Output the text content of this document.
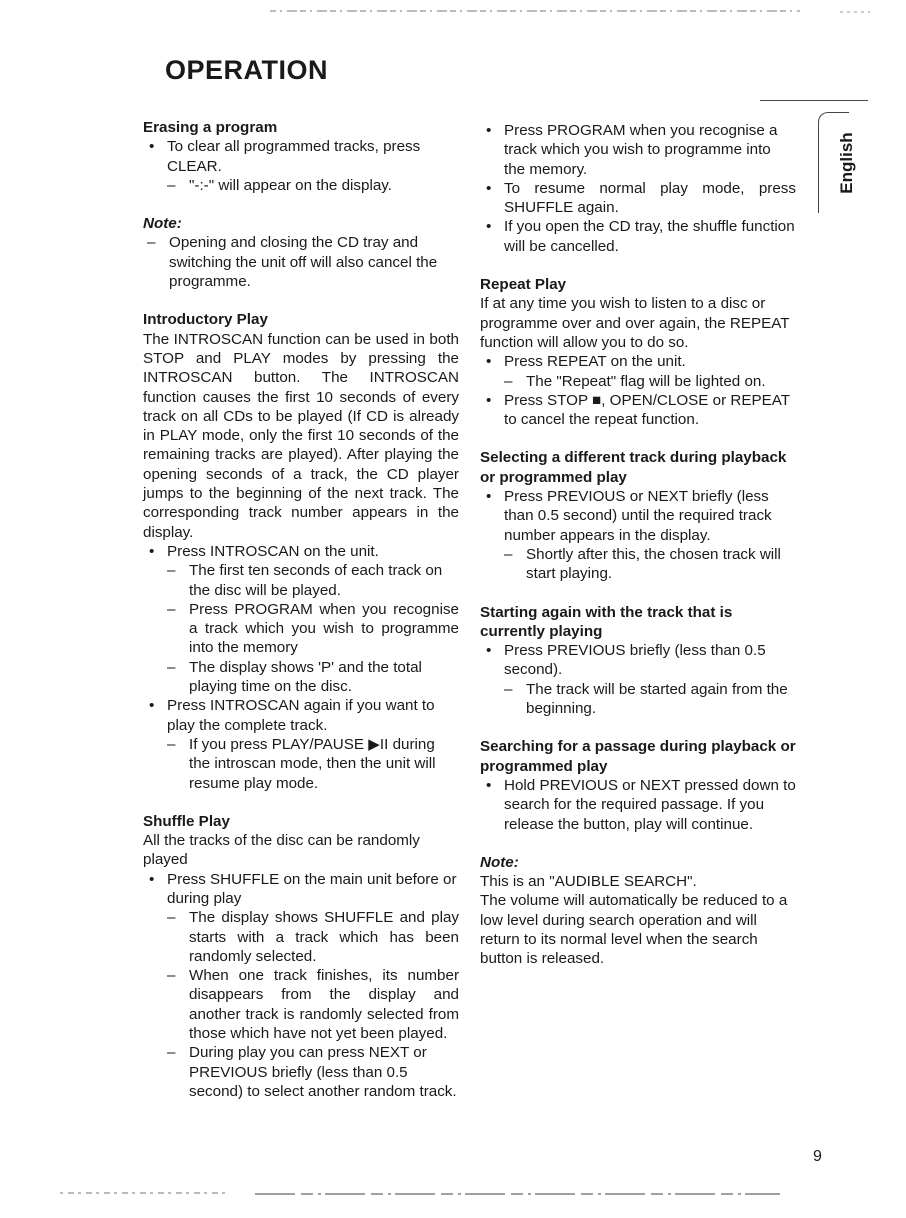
OPERATION
English

Erasing a program

• To clear all programmed tracks, press CLEAR.

– "-:-" will appear on the display.

Note:

– Opening and closing the CD tray and switching the unit off will also cancel the programme.

Introductory Play

The INTROSCAN function can be used in both STOP and PLAY modes by pressing the INTROSCAN button. The INTROSCAN function causes the first 10 seconds of every track on all CDs to be played (If CD is already in PLAY mode, only the first 10 seconds of the remaining tracks are played). After playing the opening seconds of a track, the CD player jumps to the beginning of the next track. The corresponding track number appears in the display.

• Press INTROSCAN on the unit.

– The first ten seconds of each track on the disc will be played.

– Press PROGRAM when you recognise a track which you wish to programme into the memory

– The display shows 'P' and the total playing time on the disc.

• Press INTROSCAN again if you want to play the complete track.

– If you press PLAY/PAUSE ▶II during the introscan mode, then the unit will resume play mode.

Shuffle Play

All the tracks of the disc can be randomly played

• Press SHUFFLE on the main unit before or during play

– The display shows SHUFFLE and play starts with a track which has been randomly selected.

– When one track finishes, its number disappears from the display and another track is randomly selected from those which have not yet been played.

– During play you can press NEXT or PREVIOUS briefly (less than 0.5 second) to select another random track.

• Press PROGRAM when you recognise a track which you wish to programme into the memory.

• To resume normal play mode, press SHUFFLE again.

• If you open the CD tray, the shuffle function will be cancelled.

Repeat Play

If at any time you wish to listen to a disc or programme over and over again, the REPEAT function will allow you to do so.

• Press REPEAT on the unit.

– The "Repeat" flag will be lighted on.

• Press STOP ■, OPEN/CLOSE or REPEAT to cancel the repeat function.

Selecting a different track during playback or programmed play

• Press PREVIOUS or NEXT briefly (less than 0.5 second) until the required track number appears in the display.

– Shortly after this, the chosen track will start playing.

Starting again with the track that is currently playing

• Press PREVIOUS briefly (less than 0.5 second).

– The track will be started again from the beginning.

Searching for a passage during playback or programmed play

• Hold PREVIOUS or NEXT pressed down to search for the required passage. If you release the button, play will continue.

Note:

This is an "AUDIBLE SEARCH".

The volume will automatically be reduced to a low level during search operation and will return to its normal level when the search button is released.

9
